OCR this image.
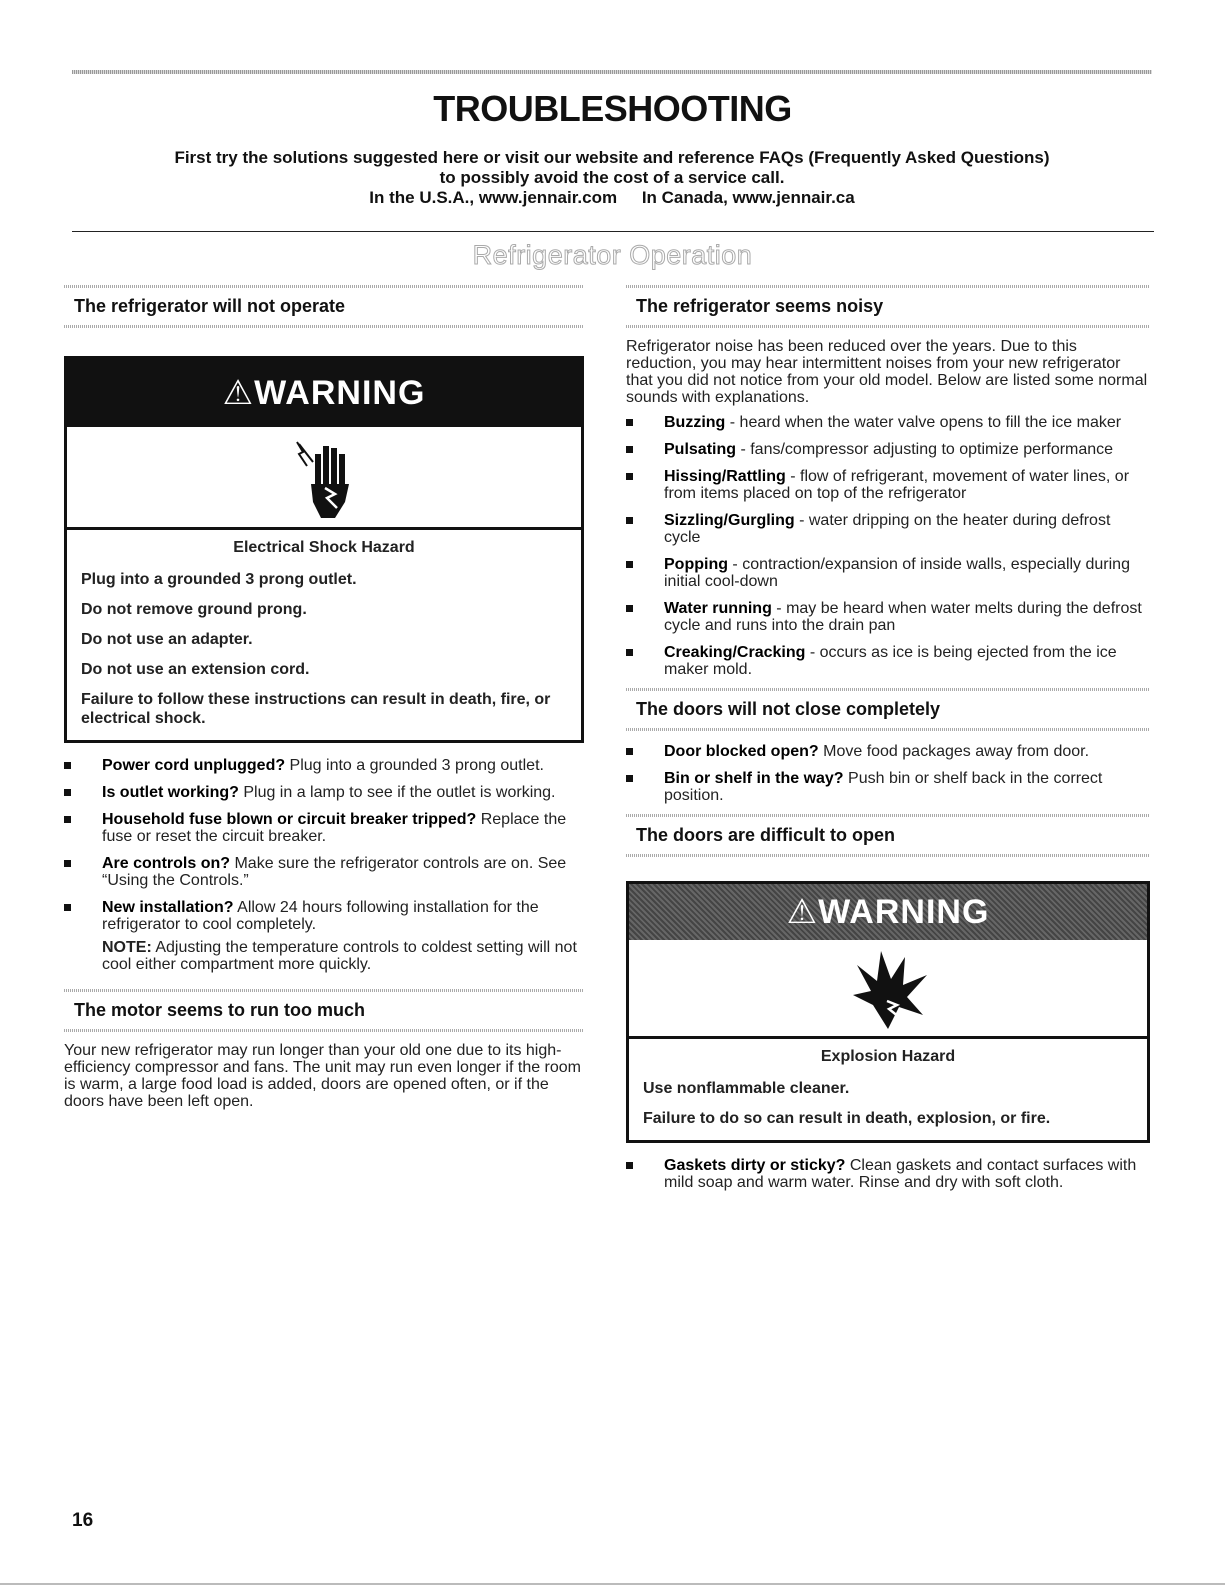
TROUBLESHOOTING
First try the solutions suggested here or visit our website and reference FAQs (Frequently Asked Questions)
to possibly avoid the cost of a service call.
In the U.S.A., www.jennair.com In Canada, www.jennair.ca
Refrigerator Operation
The refrigerator will not operate
⚠WARNING
Electrical Shock Hazard

Plug into a grounded 3 prong outlet.

Do not remove ground prong.

Do not use an adapter.

Do not use an extension cord.

Failure to follow these instructions can result in death, fire, or electrical shock.

Power cord unplugged? Plug into a grounded 3 prong outlet.
Is outlet working? Plug in a lamp to see if the outlet is working.
Household fuse blown or circuit breaker tripped? Replace the fuse or reset the circuit breaker.
Are controls on? Make sure the refrigerator controls are on. See “Using the Controls.”
New installation? Allow 24 hours following installation for the refrigerator to cool completely.
NOTE: Adjusting the temperature controls to coldest setting will not cool either compartment more quickly.
The motor seems to run too much
Your new refrigerator may run longer than your old one due to its high-efficiency compressor and fans. The unit may run even longer if the room is warm, a large food load is added, doors are opened often, or if the doors have been left open.
The refrigerator seems noisy
Refrigerator noise has been reduced over the years. Due to this reduction, you may hear intermittent noises from your new refrigerator that you did not notice from your old model. Below are listed some normal sounds with explanations.
Buzzing - heard when the water valve opens to fill the ice maker
Pulsating - fans/compressor adjusting to optimize performance
Hissing/Rattling - flow of refrigerant, movement of water lines, or from items placed on top of the refrigerator
Sizzling/Gurgling - water dripping on the heater during defrost cycle
Popping - contraction/expansion of inside walls, especially during initial cool-down
Water running - may be heard when water melts during the defrost cycle and runs into the drain pan
Creaking/Cracking - occurs as ice is being ejected from the ice maker mold.
The doors will not close completely
Door blocked open? Move food packages away from door.
Bin or shelf in the way? Push bin or shelf back in the correct position.
The doors are difficult to open
⚠WARNING
Explosion Hazard

Use nonflammable cleaner.

Failure to do so can result in death, explosion, or fire.

Gaskets dirty or sticky? Clean gaskets and contact surfaces with mild soap and warm water. Rinse and dry with soft cloth.
16
